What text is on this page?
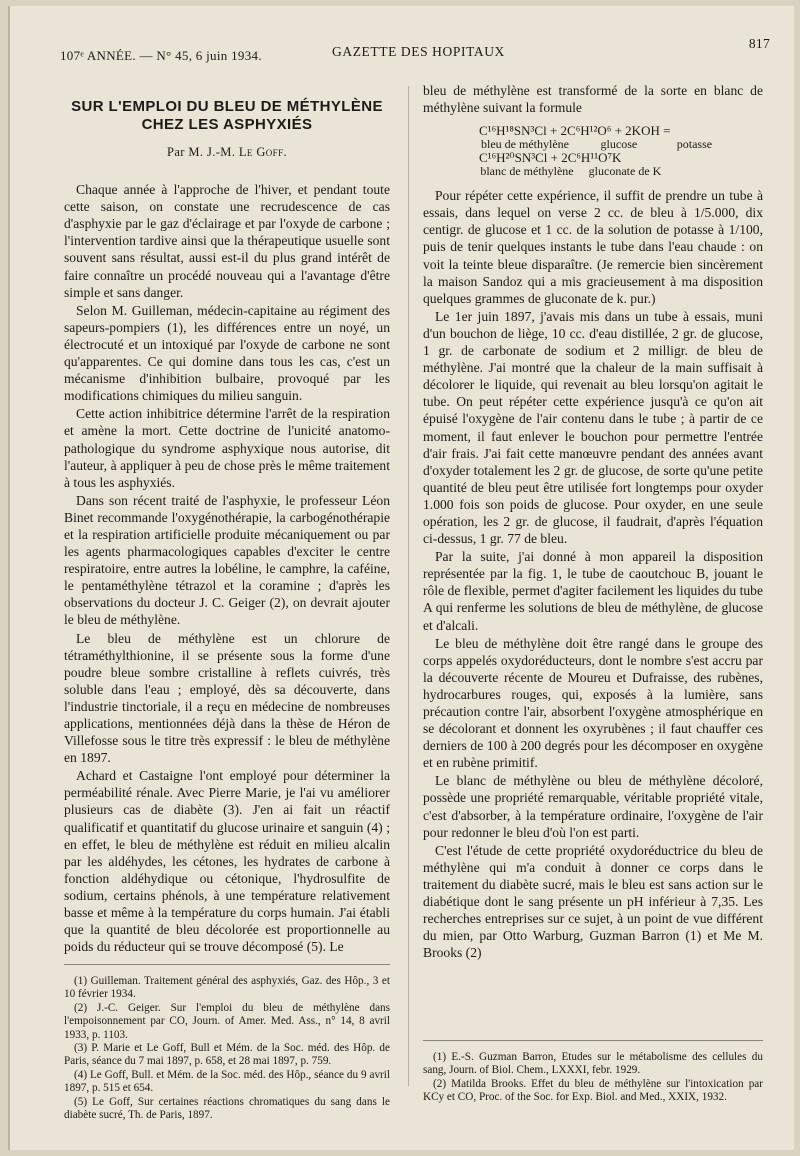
107ᵉ ANNÉE. — N° 45, 6 juin 1934.	GAZETTE DES HOPITAUX
817
SUR L'EMPLOI DU BLEU DE MÉTHYLÈNE
CHEZ LES ASPHYXIÉS
Par M. J.-M. Le Goff.

Chaque année à l'approche de l'hiver, et pendant toute cette saison, on constate une recrudescence de cas d'asphyxie par le gaz d'éclairage et par l'oxyde de carbone ; l'intervention tardive ainsi que la thérapeutique usuelle sont souvent sans résultat, aussi est-il du plus grand intérêt de faire connaître un procédé nouveau qui a l'avantage d'être simple et sans danger.

Selon M. Guilleman, médecin-capitaine au régiment des sapeurs-pompiers (1), les différences entre un noyé, un électrocuté et un intoxiqué par l'oxyde de carbone ne sont qu'apparentes. Ce qui domine dans tous les cas, c'est un mécanisme d'inhibition bulbaire, provoqué par les modifications chimiques du milieu sanguin.

Cette action inhibitrice détermine l'arrêt de la respiration et amène la mort. Cette doctrine de l'unicité anatomo-pathologique du syndrome asphyxique nous autorise, dit l'auteur, à appliquer à peu de chose près le même traitement à tous les asphyxiés.

Dans son récent traité de l'asphyxie, le professeur Léon Binet recommande l'oxygénothérapie, la carbogénothérapie et la respiration artificielle produite mécaniquement ou par les agents pharmacologiques capables d'exciter le centre respiratoire, entre autres la lobéline, le camphre, la caféine, le pentaméthylène tétrazol et la coramine ; d'après les observations du docteur J. C. Geiger (2), on devrait ajouter le bleu de méthylène.

Le bleu de méthylène est un chlorure de tétraméthylthionine, il se présente sous la forme d'une poudre bleue sombre cristalline à reflets cuivrés, très soluble dans l'eau ; employé, dès sa découverte, dans l'industrie tinctoriale, il a reçu en médecine de nombreuses applications, mentionnées déjà dans la thèse de Héron de Villefosse sous le titre très expressif : le bleu de méthylène en 1897.

Achard et Castaigne l'ont employé pour déterminer la perméabilité rénale. Avec Pierre Marie, je l'ai vu améliorer plusieurs cas de diabète (3). J'en ai fait un réactif qualificatif et quantitatif du glucose urinaire et sanguin (4) ; en effet, le bleu de méthylène est réduit en milieu alcalin par les aldéhydes, les cétones, les hydrates de carbone à fonction aldéhydique ou cétonique, l'hydrosulfite de sodium, certains phénols, à une température relativement basse et même à la température du corps humain. J'ai établi que la quantité de bleu décolorée est proportionnelle au poids du réducteur qui se trouve décomposé (5). Le

(1) Guilleman. Traitement général des asphyxiés, Gaz. des Hôp., 3 et 10 février 1934.
(2) J.-C. Geiger. Sur l'emploi du bleu de méthylène dans l'empoisonnement par CO, Journ. of Amer. Med. Ass., n° 14, 8 avril 1933, p. 1103.
(3) P. Marie et Le Goff, Bull et Mém. de la Soc. méd. des Hôp. de Paris, séance du 7 mai 1897, p. 658, et 28 mai 1897, p. 759.
(4) Le Goff, Bull. et Mém. de la Soc. méd. des Hôp., séance du 9 avril 1897, p. 515 et 654.
(5) Le Goff, Sur certaines réactions chromatiques du sang dans le diabète sucré, Th. de Paris, 1897.

bleu de méthylène est transformé de la sorte en blanc de méthylène suivant la formule

C¹⁶H¹⁸SN³Cl + 2C⁶H¹²O⁶ + 2KOH =
bleu de méthylène	glucose	potasse
C¹⁶H²⁰SN³Cl + 2C⁶H¹¹O⁷K
blanc de méthylène	gluconate de K

Pour répéter cette expérience, il suffit de prendre un tube à essais, dans lequel on verse 2 cc. de bleu à 1/5.000, dix centigr. de glucose et 1 cc. de la solution de potasse à 1/100, puis de tenir quelques instants le tube dans l'eau chaude : on voit la teinte bleue disparaître. (Je remercie bien sincèrement la maison Sandoz qui a mis gracieusement à ma disposition quelques grammes de gluconate de k. pur.)

Le 1er juin 1897, j'avais mis dans un tube à essais, muni d'un bouchon de liège, 10 cc. d'eau distillée, 2 gr. de glucose, 1 gr. de carbonate de sodium et 2 milligr. de bleu de méthylène. J'ai montré que la chaleur de la main suffisait à décolorer le liquide, qui revenait au bleu lorsqu'on agitait le tube. On peut répéter cette expérience jusqu'à ce qu'on ait épuisé l'oxygène de l'air contenu dans le tube ; à partir de ce moment, il faut enlever le bouchon pour permettre l'entrée d'air frais. J'ai fait cette manœuvre pendant des années avant d'oxyder totalement les 2 gr. de glucose, de sorte qu'une petite quantité de bleu peut être utilisée fort longtemps pour oxyder 1.000 fois son poids de glucose. Pour oxyder, en une seule opération, les 2 gr. de glucose, il faudrait, d'après l'équation ci-dessus, 1 gr. 77 de bleu.

Par la suite, j'ai donné à mon appareil la disposition représentée par la fig. 1, le tube de caoutchouc B, jouant le rôle de flexible, permet d'agiter facilement les liquides du tube A qui renferme les solutions de bleu de méthylène, de glucose et d'alcali.

Le bleu de méthylène doit être rangé dans le groupe des corps appelés oxydoréducteurs, dont le nombre s'est accru par la découverte récente de Moureu et Dufraisse, des rubènes, hydrocarbures rouges, qui, exposés à la lumière, sans précaution contre l'air, absorbent l'oxygène atmosphérique en se décolorant et donnent les oxyrubènes ; il faut chauffer ces derniers de 100 à 200 degrés pour les décomposer en oxygène et en rubène primitif.

Le blanc de méthylène ou bleu de méthylène décoloré, possède une propriété remarquable, véritable propriété vitale, c'est d'absorber, à la température ordinaire, l'oxygène de l'air pour redonner le bleu d'où l'on est parti.

C'est l'étude de cette propriété oxydoréductrice du bleu de méthylène qui m'a conduit à donner ce corps dans le traitement du diabète sucré, mais le bleu est sans action sur le diabétique dont le sang présente un pH inférieur à 7,35. Les recherches entreprises sur ce sujet, à un point de vue différent du mien, par Otto Warburg, Guzman Barron (1) et Me M. Brooks (2)

(1) E.-S. Guzman Barron, Etudes sur le métabolisme des cellules du sang, Journ. of Biol. Chem., LXXXI, febr. 1929.
(2) Matilda Brooks. Effet du bleu de méthylène sur l'intoxication par KCy et CO, Proc. of the Soc. for Exp. Biol. and Med., XXIX, 1932.
